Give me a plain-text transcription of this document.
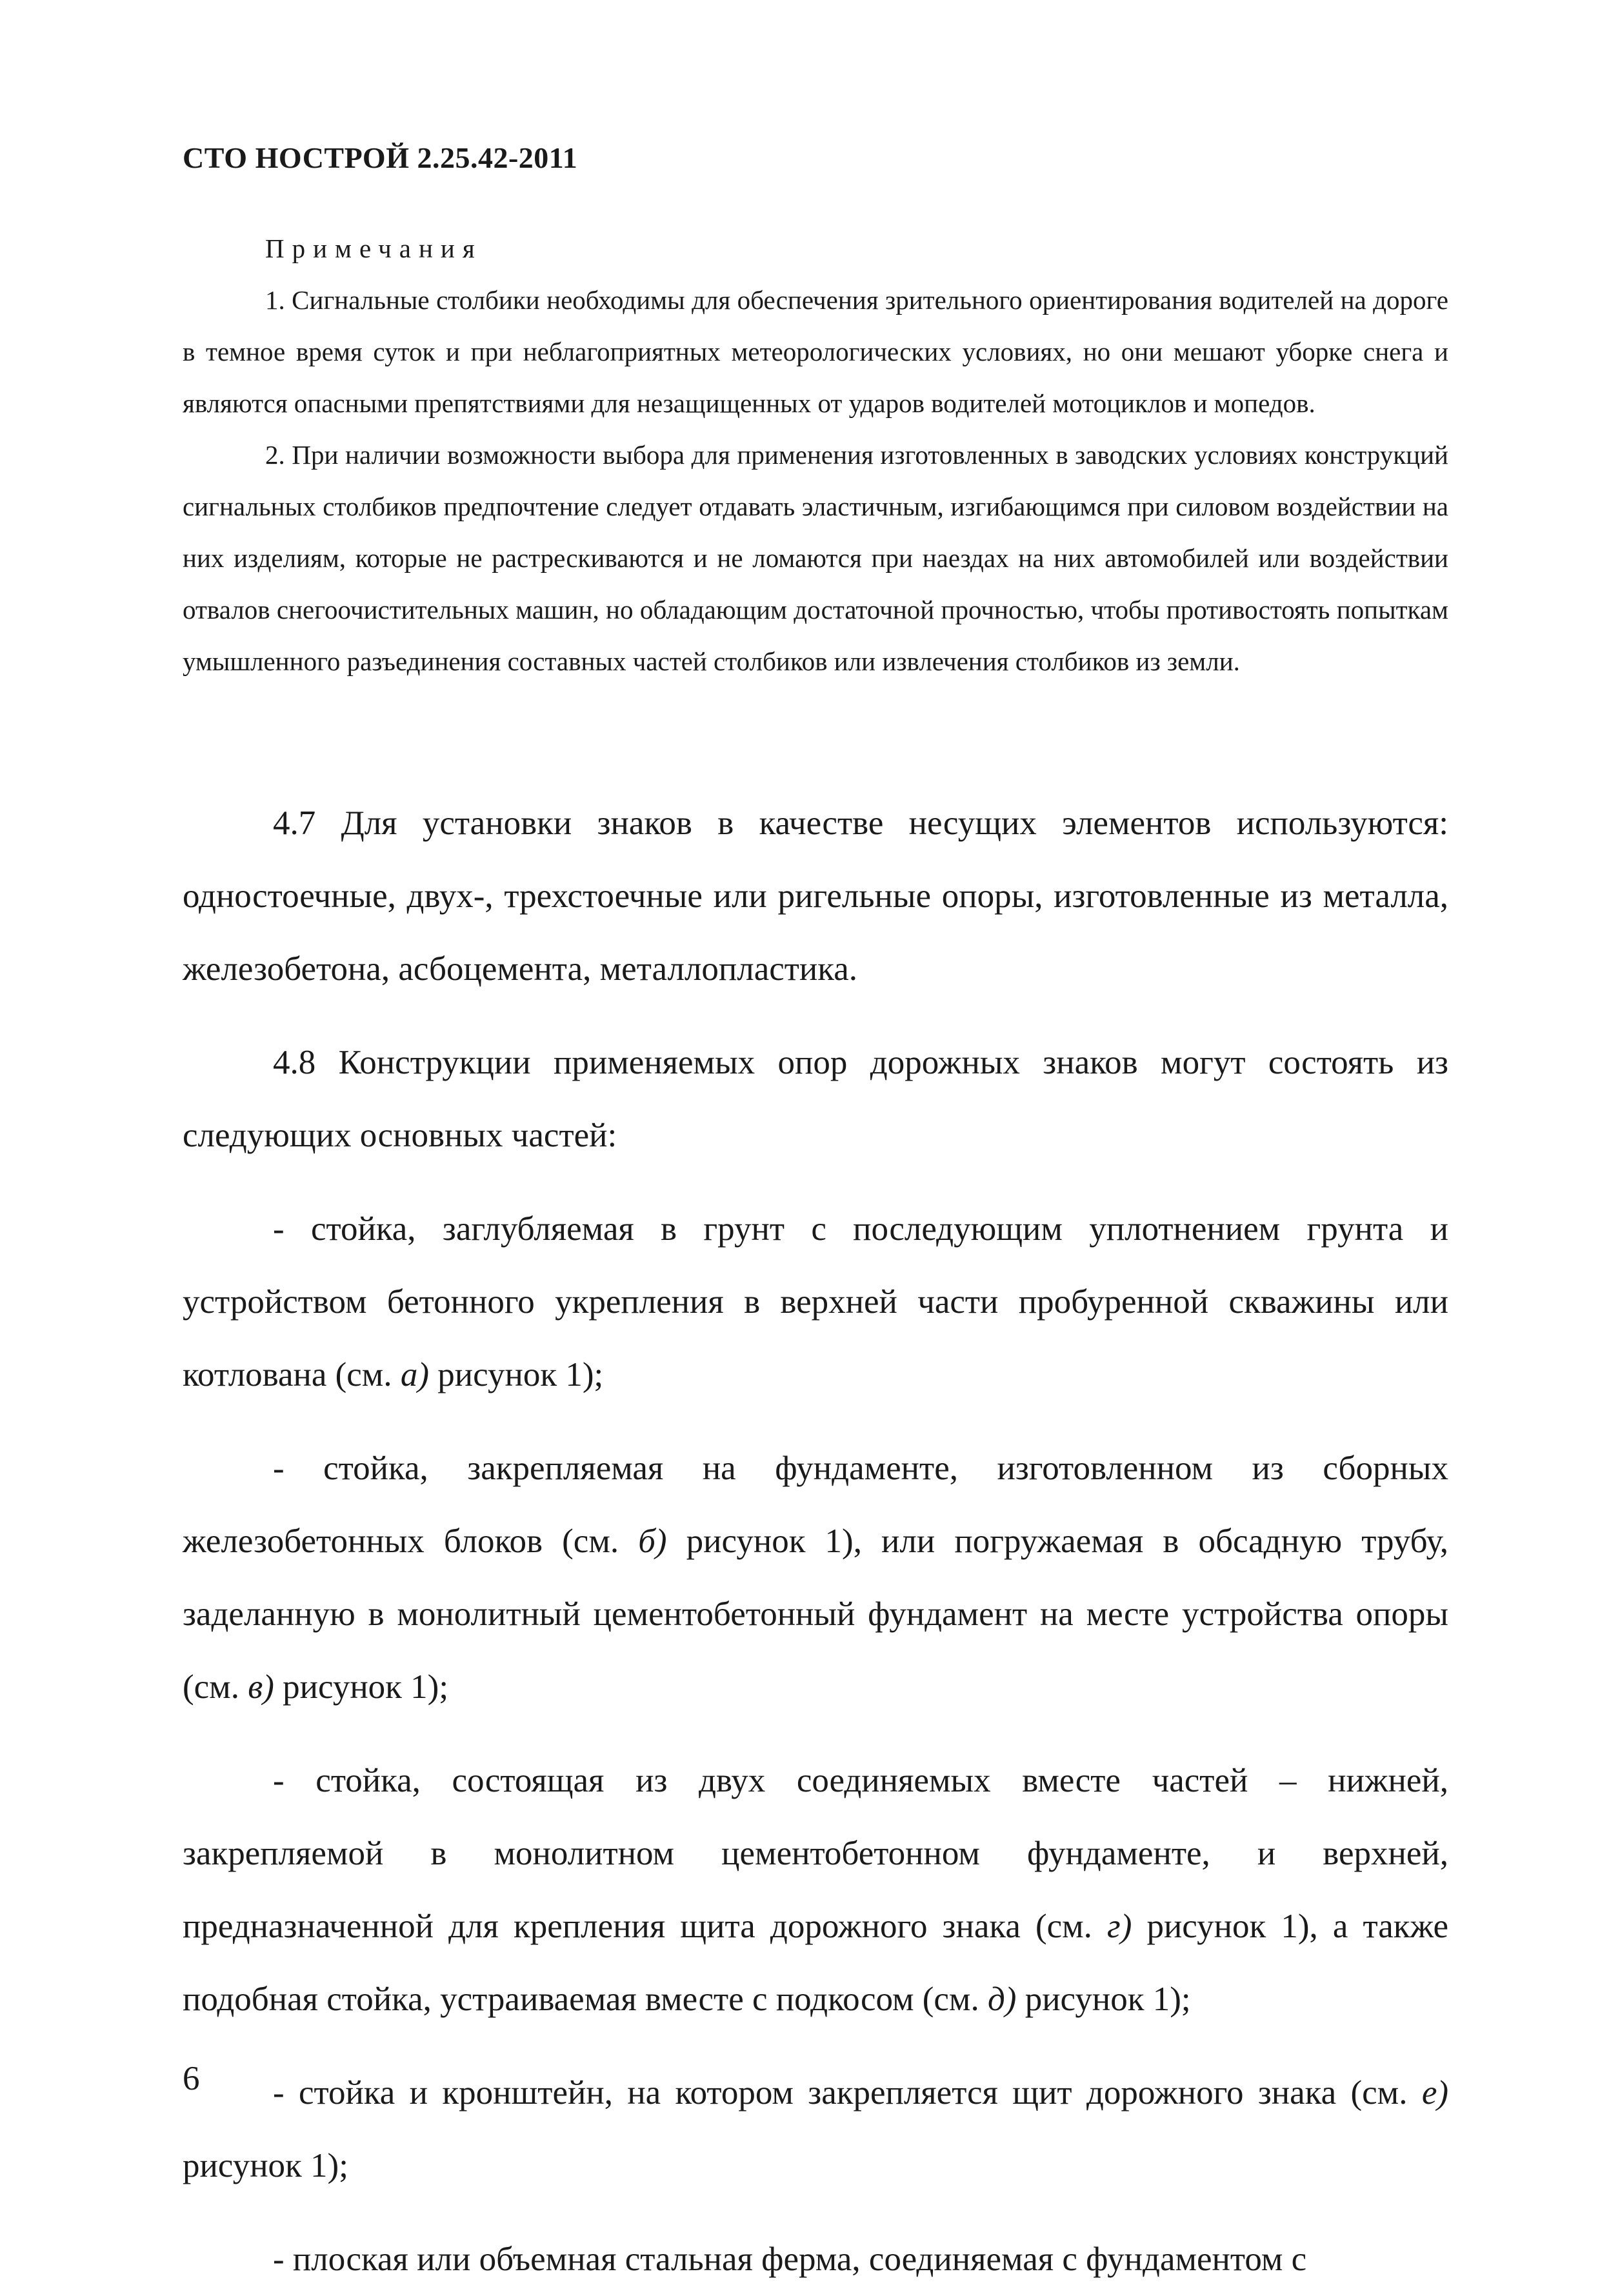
СТО НОСТРОЙ 2.25.42-2011
Примечания

1. Сигнальные столбики необходимы для обеспечения зрительного ориентирования водителей на дороге в темное время суток и при неблагоприятных метеорологических условиях, но они мешают уборке снега и являются опасными препятствиями для незащищенных от ударов водителей мотоциклов и мопедов.

2. При наличии возможности выбора для применения изготовленных в заводских условиях конструкций сигнальных столбиков предпочтение следует отдавать эластичным, изгибающимся при силовом воздействии на них изделиям, которые не растрескиваются и не ломаются при наездах на них автомобилей или воздействии отвалов снегоочистительных машин, но обладающим достаточной прочностью, чтобы противостоять попыткам умышленного разъединения составных частей столбиков или извлечения столбиков из земли.

4.7 Для установки знаков в качестве несущих элементов используются: одностоечные, двух-, трехстоечные или ригельные опоры, изготовленные из металла, железобетона, асбоцемента, металлопластика.

4.8 Конструкции применяемых опор дорожных знаков могут состоять из следующих основных частей:

- стойка, заглубляемая в грунт с последующим уплотнением грунта и устройством бетонного укрепления в верхней части пробуренной скважины или котлована (см. а) рисунок 1);

- стойка, закрепляемая на фундаменте, изготовленном из сборных железобетонных блоков (см. б) рисунок 1), или погружаемая в обсадную трубу, заделанную в монолитный цементобетонный фундамент на месте устройства опоры (см. в) рисунок 1);

- стойка, состоящая из двух соединяемых вместе частей – нижней, закрепляемой в монолитном цементобетонном фундаменте, и верхней, предназначенной для крепления щита дорожного знака (см. г) рисунок 1), а также подобная стойка, устраиваемая вместе с подкосом (см. д) рисунок 1);

- стойка и кронштейн, на котором закрепляется щит дорожного знака (см. е) рисунок 1);

- плоская или объемная стальная ферма, соединяемая с фундаментом с

6
